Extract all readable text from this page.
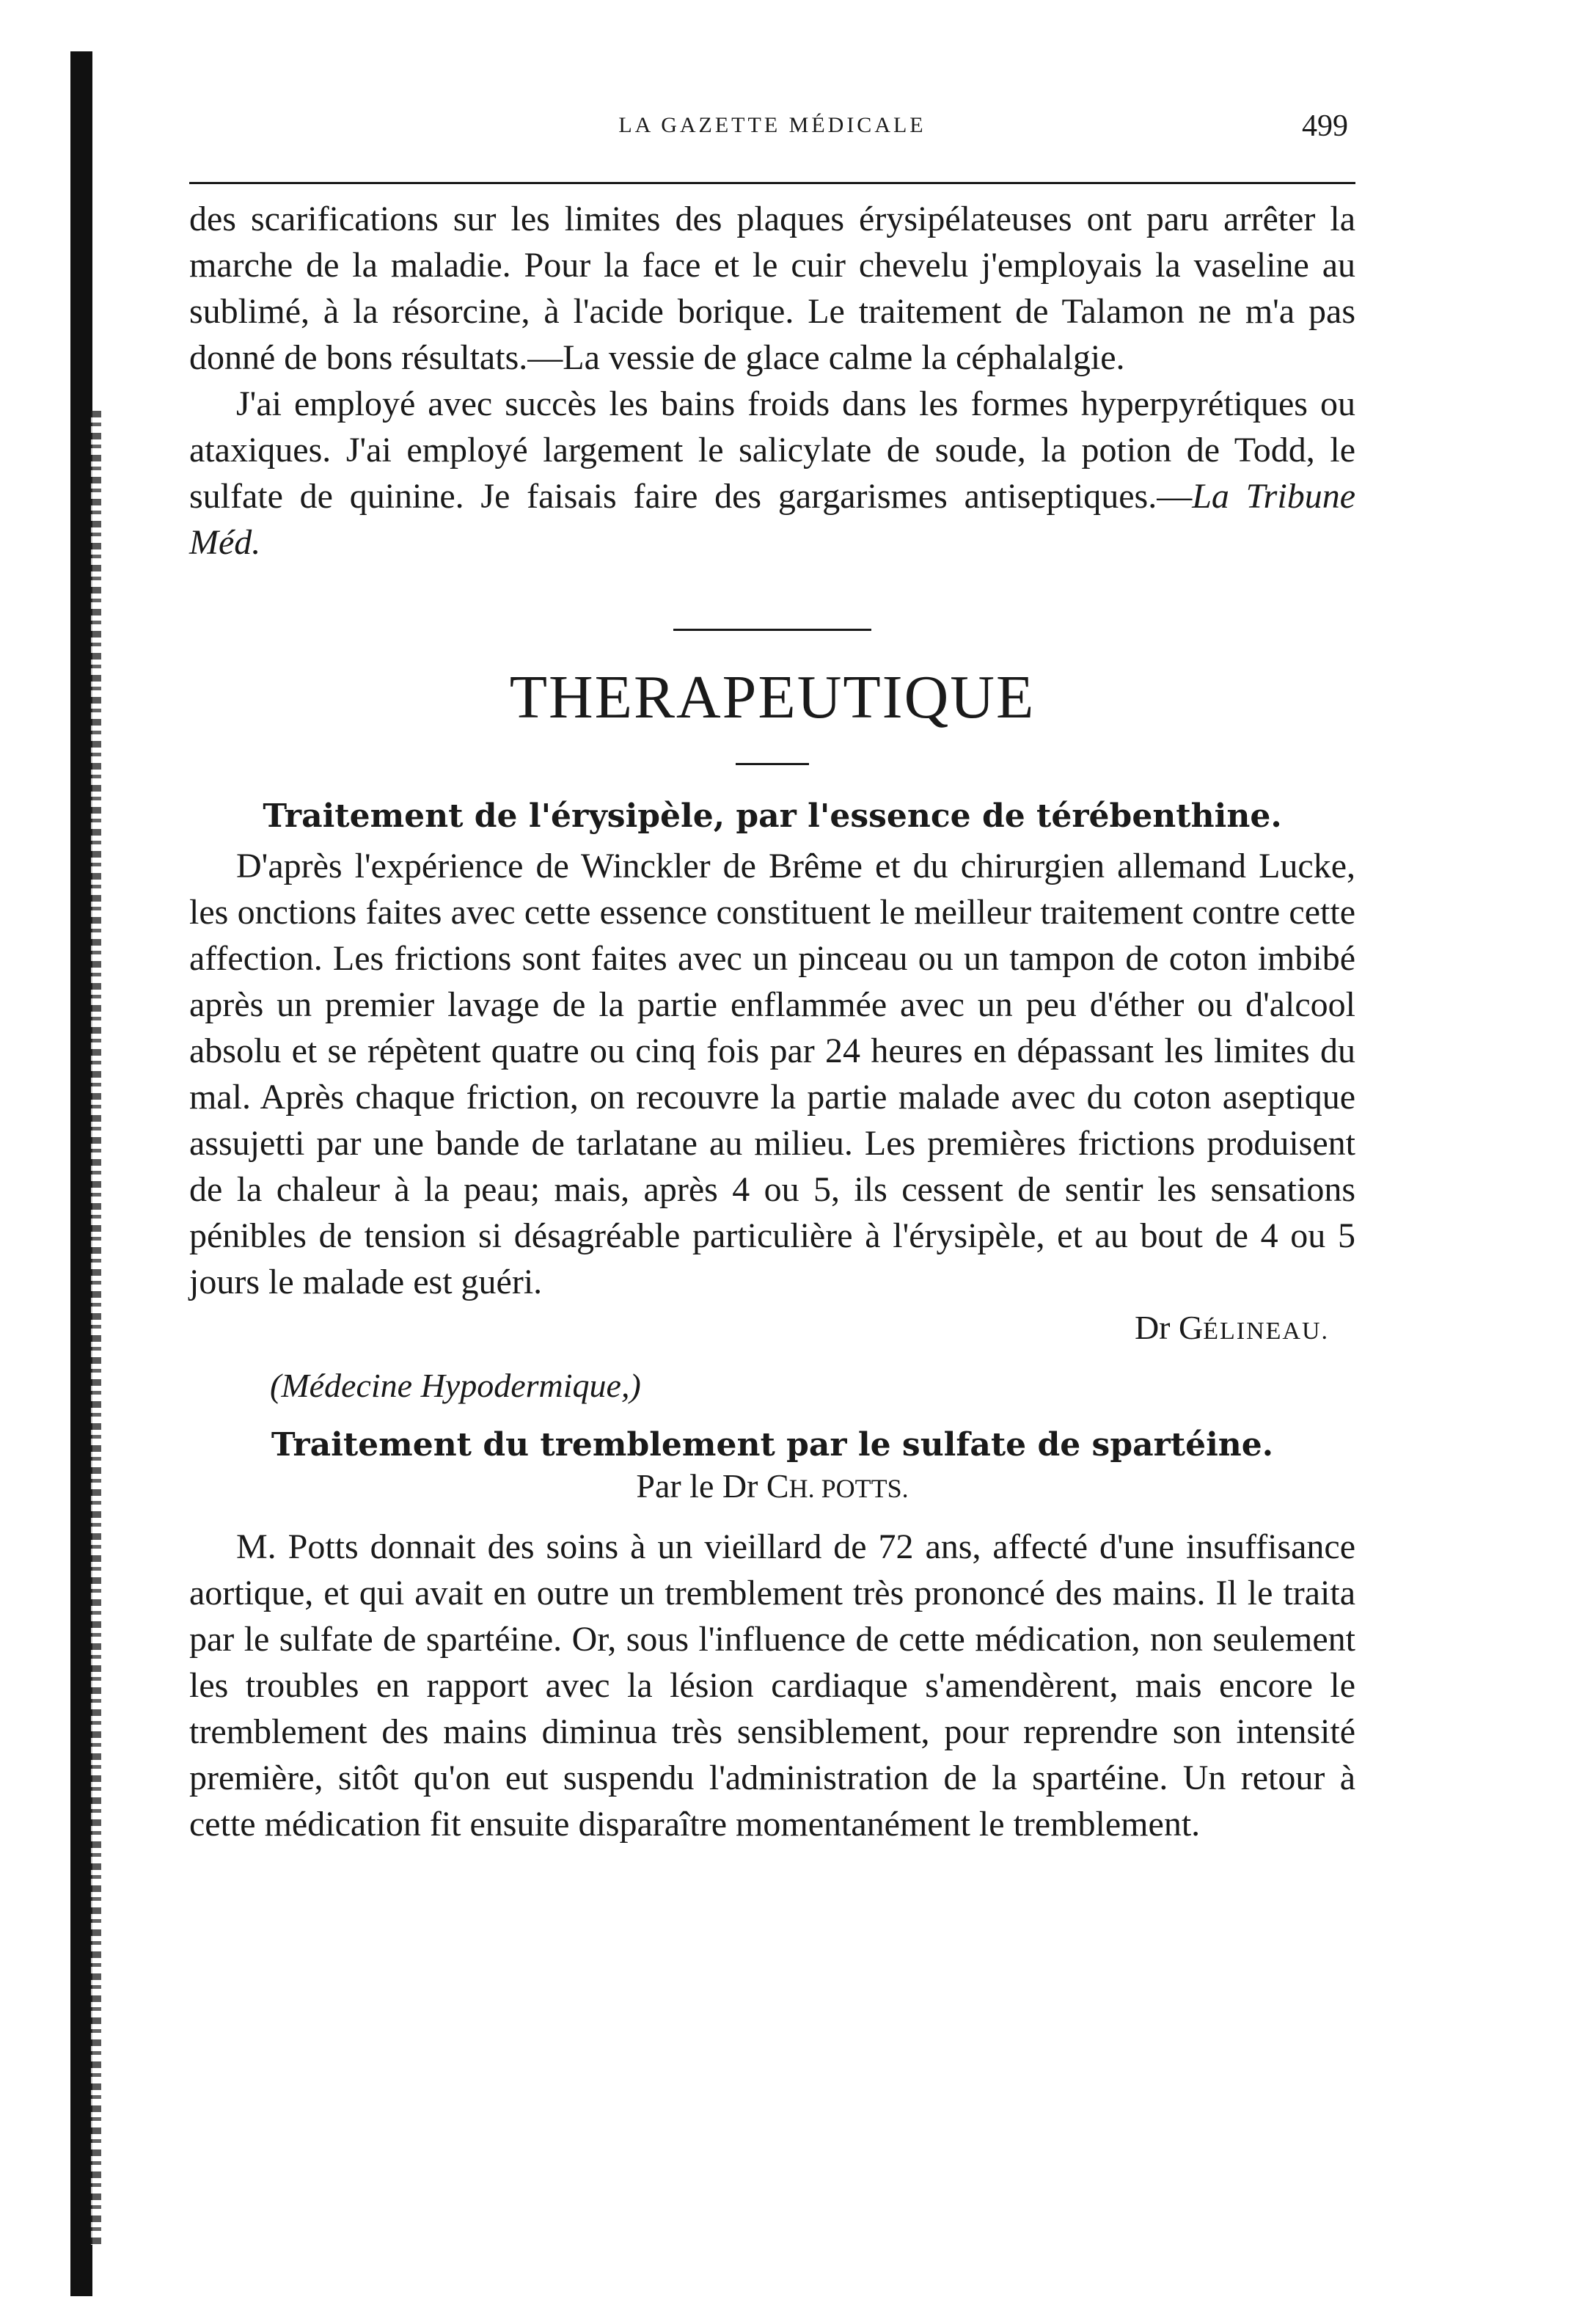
LA GAZETTE MÉDICALE	499

des scarifications sur les limites des plaques érysipélateuses ont paru arrêter la marche de la maladie. Pour la face et le cuir chevelu j'employais la vaseline au sublimé, à la résorcine, à l'acide borique. Le traitement de Talamon ne m'a pas donné de bons résultats.—La vessie de glace calme la céphalalgie.

J'ai employé avec succès les bains froids dans les formes hyperpyrétiques ou ataxiques. J'ai employé largement le salicylate de soude, la potion de Todd, le sulfate de quinine. Je faisais faire des gargarismes antiseptiques.—La Tribune Méd.

THERAPEUTIQUE
Traitement de l'érysipèle, par l'essence de térébenthine.

D'après l'expérience de Winckler de Brême et du chirurgien allemand Lucke, les onctions faites avec cette essence constituent le meilleur traitement contre cette affection. Les frictions sont faites avec un pinceau ou un tampon de coton imbibé après un premier lavage de la partie enflammée avec un peu d'éther ou d'alcool absolu et se répètent quatre ou cinq fois par 24 heures en dépassant les limites du mal. Après chaque friction, on recouvre la partie malade avec du coton aseptique assujetti par une bande de tarlatane au milieu. Les premières frictions produisent de la chaleur à la peau; mais, après 4 ou 5, ils cessent de sentir les sensations pénibles de tension si désagréable particulière à l'érysipèle, et au bout de 4 ou 5 jours le malade est guéri.

Dr GÉLINEAU.
(Médecine Hypodermique,)
Traitement du tremblement par le sulfate de spartéine.
Par le Dr CH. POTTS.

M. Potts donnait des soins à un vieillard de 72 ans, affecté d'une insuffisance aortique, et qui avait en outre un tremblement très prononcé des mains. Il le traita par le sulfate de spartéine. Or, sous l'influence de cette médication, non seulement les troubles en rapport avec la lésion cardiaque s'amendèrent, mais encore le tremblement des mains diminua très sensiblement, pour reprendre son intensité première, sitôt qu'on eut suspendu l'administration de la spartéine. Un retour à cette médication fit ensuite disparaître momentanément le tremblement.
